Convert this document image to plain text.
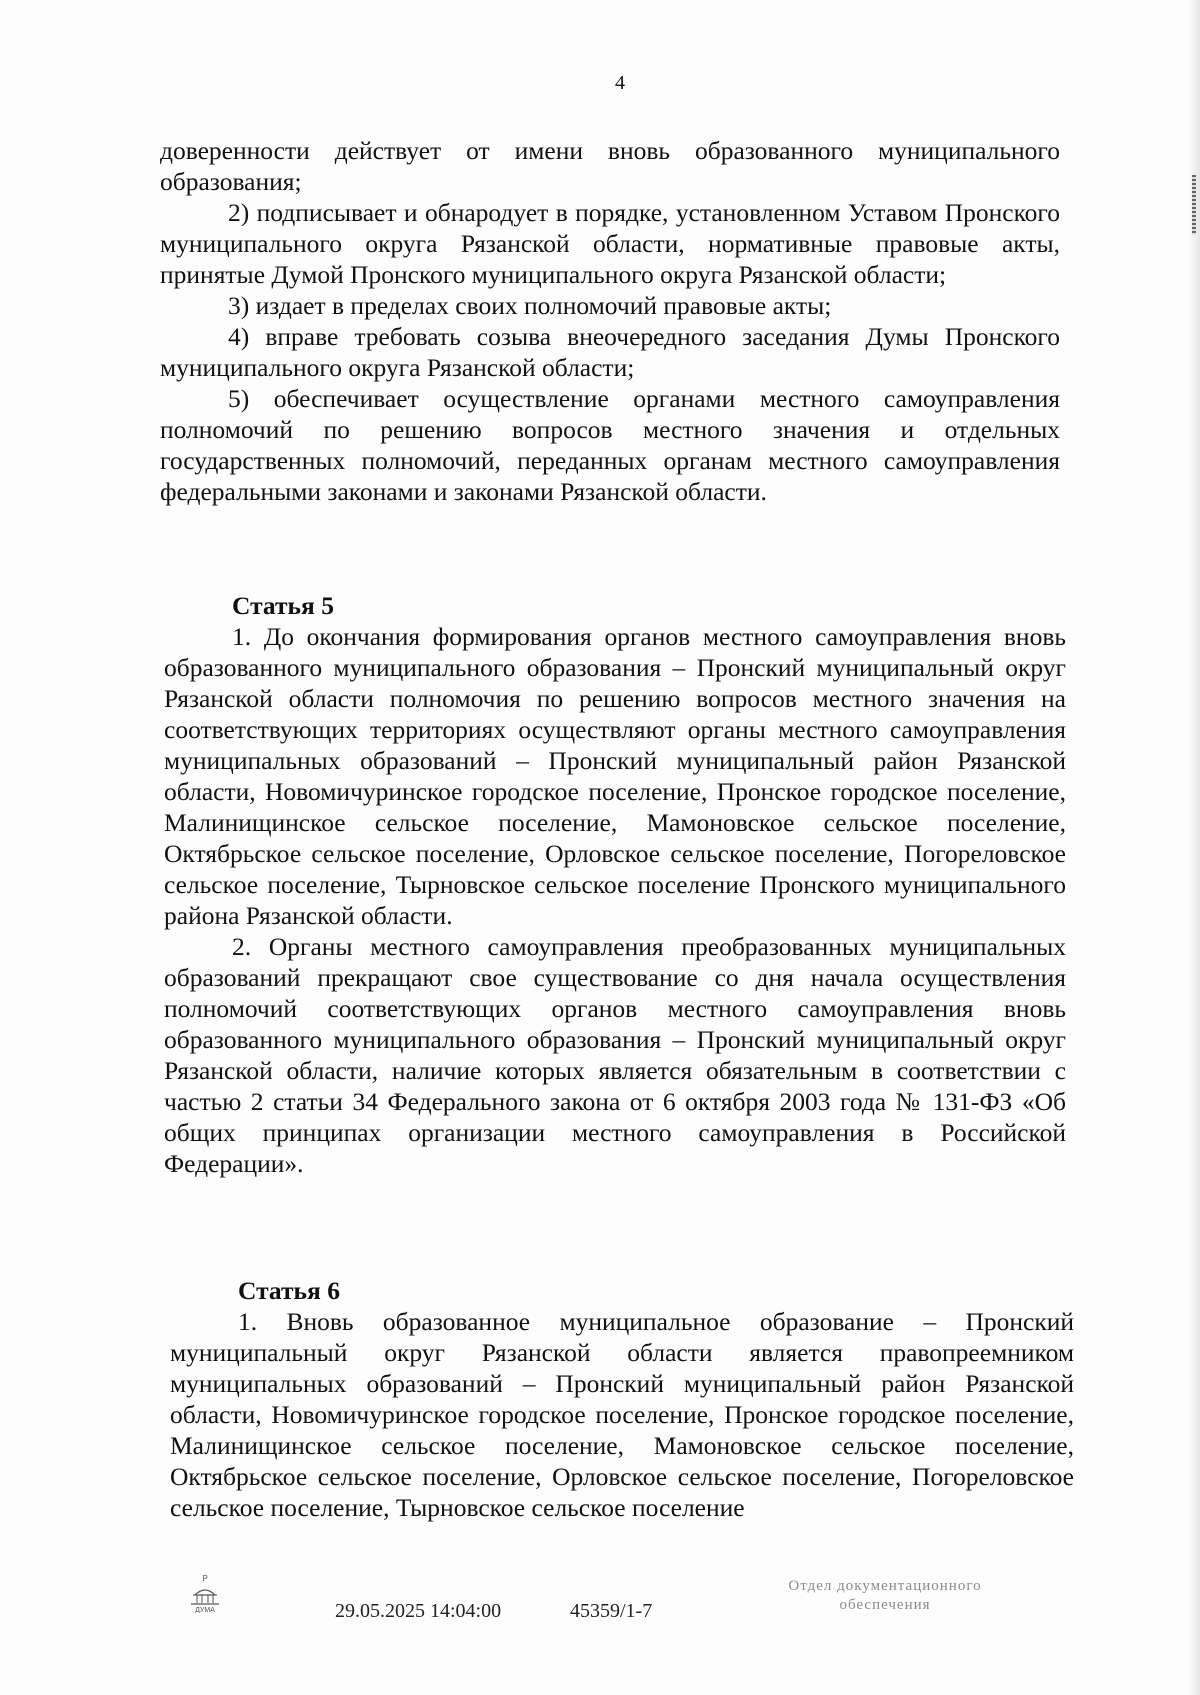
4

доверенности действует от имени вновь образованного муниципального образования;

2) подписывает и обнародует в порядке, установленном Уставом Пронского муниципального округа Рязанской области, нормативные правовые акты, принятые Думой Пронского муниципального округа Рязанской области;

3) издает в пределах своих полномочий правовые акты;

4) вправе требовать созыва внеочередного заседания Думы Пронского муниципального округа Рязанской области;

5) обеспечивает осуществление органами местного самоуправления полномочий по решению вопросов местного значения и отдельных государственных полномочий, переданных органам местного самоуправления федеральными законами и законами Рязанской области.

Статья 5

1. До окончания формирования органов местного самоуправления вновь образованного муниципального образования – Пронский муниципальный округ Рязанской области полномочия по решению вопросов местного значения на соответствующих территориях осуществляют органы местного самоуправления муниципальных образований – Пронский муниципальный район Рязанской области, Новомичуринское городское поселение, Пронское городское поселение, Малинищинское сельское поселение, Мамоновское сельское поселение, Октябрьское сельское поселение, Орловское сельское поселение, Погореловское сельское поселение, Тырновское сельское поселение Пронского муниципального района Рязанской области.

2. Органы местного самоуправления преобразованных муниципальных образований прекращают свое существование со дня начала осуществления полномочий соответствующих органов местного самоуправления вновь образованного муниципального образования – Пронский муниципальный округ Рязанской области, наличие которых является обязательным в соответствии с частью 2 статьи 34 Федерального закона от 6 октября 2003 года № 131-ФЗ «Об общих принципах организации местного самоуправления в Российской Федерации».

Статья 6

1. Вновь образованное муниципальное образование – Пронский муниципальный округ Рязанской области является правопреемником муниципальных образований – Пронский муниципальный район Рязанской области, Новомичуринское городское поселение, Пронское городское поселение, Малинищинское сельское поселение, Мамоновское сельское поселение, Октябрьское сельское поселение, Орловское сельское поселение, Погореловское сельское поселение, Тырновское сельское поселение

Р
ДУМА	29.05.2025 14:04:00	45359/1-7
Отдел документационного
обеспечения
